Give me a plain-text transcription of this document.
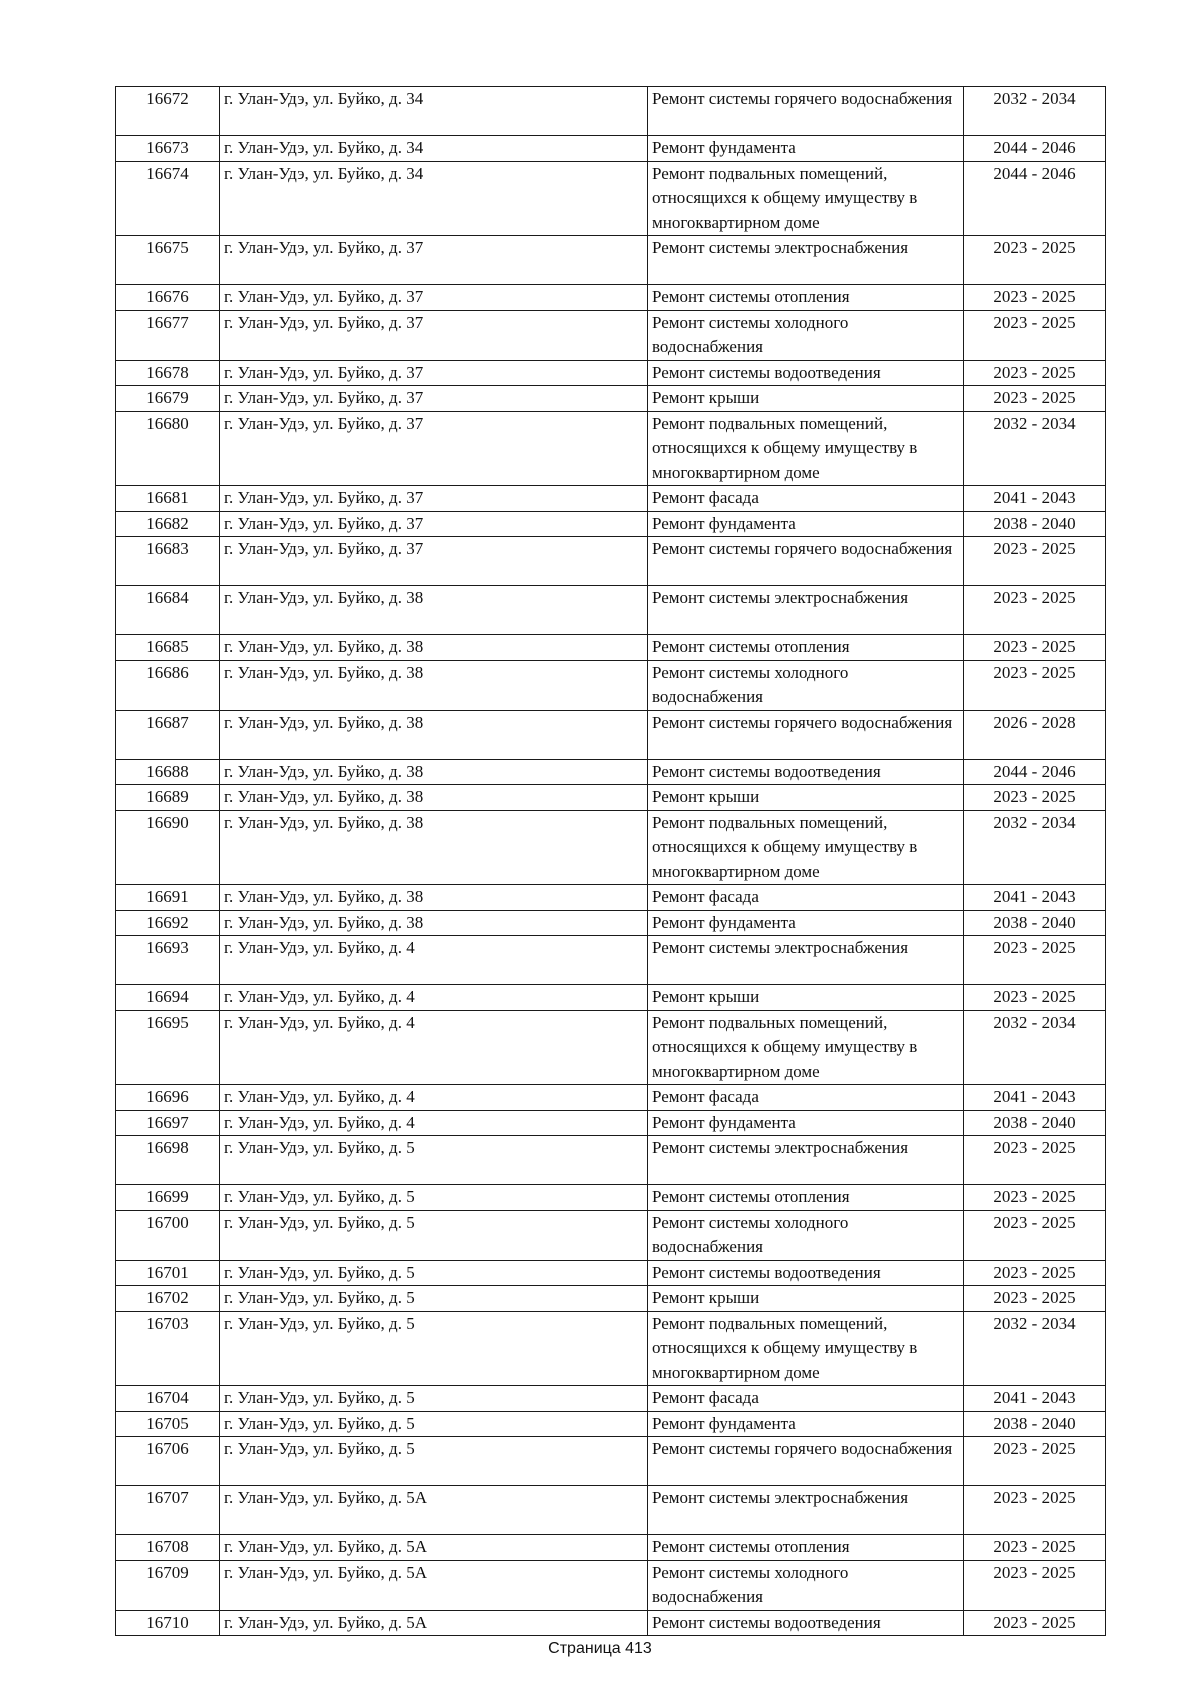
16672	г. Улан-Удэ, ул. Буйко, д. 34	Ремонт системы горячего водоснабжения	2032 - 2034
16673	г. Улан-Удэ, ул. Буйко, д. 34	Ремонт фундамента	2044 - 2046
16674	г. Улан-Удэ, ул. Буйко, д. 34	Ремонт подвальных помещений, относящихся к общему имуществу в многоквартирном доме	2044 - 2046
16675	г. Улан-Удэ, ул. Буйко, д. 37	Ремонт системы электроснабжения	2023 - 2025
16676	г. Улан-Удэ, ул. Буйко, д. 37	Ремонт системы отопления	2023 - 2025
16677	г. Улан-Удэ, ул. Буйко, д. 37	Ремонт системы холодного водоснабжения	2023 - 2025
16678	г. Улан-Удэ, ул. Буйко, д. 37	Ремонт системы водоотведения	2023 - 2025
16679	г. Улан-Удэ, ул. Буйко, д. 37	Ремонт крыши	2023 - 2025
16680	г. Улан-Удэ, ул. Буйко, д. 37	Ремонт подвальных помещений, относящихся к общему имуществу в многоквартирном доме	2032 - 2034
16681	г. Улан-Удэ, ул. Буйко, д. 37	Ремонт фасада	2041 - 2043
16682	г. Улан-Удэ, ул. Буйко, д. 37	Ремонт фундамента	2038 - 2040
16683	г. Улан-Удэ, ул. Буйко, д. 37	Ремонт системы горячего водоснабжения	2023 - 2025
16684	г. Улан-Удэ, ул. Буйко, д. 38	Ремонт системы электроснабжения	2023 - 2025
16685	г. Улан-Удэ, ул. Буйко, д. 38	Ремонт системы отопления	2023 - 2025
16686	г. Улан-Удэ, ул. Буйко, д. 38	Ремонт системы холодного водоснабжения	2023 - 2025
16687	г. Улан-Удэ, ул. Буйко, д. 38	Ремонт системы горячего водоснабжения	2026 - 2028
16688	г. Улан-Удэ, ул. Буйко, д. 38	Ремонт системы водоотведения	2044 - 2046
16689	г. Улан-Удэ, ул. Буйко, д. 38	Ремонт крыши	2023 - 2025
16690	г. Улан-Удэ, ул. Буйко, д. 38	Ремонт подвальных помещений, относящихся к общему имуществу в многоквартирном доме	2032 - 2034
16691	г. Улан-Удэ, ул. Буйко, д. 38	Ремонт фасада	2041 - 2043
16692	г. Улан-Удэ, ул. Буйко, д. 38	Ремонт фундамента	2038 - 2040
16693	г. Улан-Удэ, ул. Буйко, д. 4	Ремонт системы электроснабжения	2023 - 2025
16694	г. Улан-Удэ, ул. Буйко, д. 4	Ремонт крыши	2023 - 2025
16695	г. Улан-Удэ, ул. Буйко, д. 4	Ремонт подвальных помещений, относящихся к общему имуществу в многоквартирном доме	2032 - 2034
16696	г. Улан-Удэ, ул. Буйко, д. 4	Ремонт фасада	2041 - 2043
16697	г. Улан-Удэ, ул. Буйко, д. 4	Ремонт фундамента	2038 - 2040
16698	г. Улан-Удэ, ул. Буйко, д. 5	Ремонт системы электроснабжения	2023 - 2025
16699	г. Улан-Удэ, ул. Буйко, д. 5	Ремонт системы отопления	2023 - 2025
16700	г. Улан-Удэ, ул. Буйко, д. 5	Ремонт системы холодного водоснабжения	2023 - 2025
16701	г. Улан-Удэ, ул. Буйко, д. 5	Ремонт системы водоотведения	2023 - 2025
16702	г. Улан-Удэ, ул. Буйко, д. 5	Ремонт крыши	2023 - 2025
16703	г. Улан-Удэ, ул. Буйко, д. 5	Ремонт подвальных помещений, относящихся к общему имуществу в многоквартирном доме	2032 - 2034
16704	г. Улан-Удэ, ул. Буйко, д. 5	Ремонт фасада	2041 - 2043
16705	г. Улан-Удэ, ул. Буйко, д. 5	Ремонт фундамента	2038 - 2040
16706	г. Улан-Удэ, ул. Буйко, д. 5	Ремонт системы горячего водоснабжения	2023 - 2025
16707	г. Улан-Удэ, ул. Буйко, д. 5А	Ремонт системы электроснабжения	2023 - 2025
16708	г. Улан-Удэ, ул. Буйко, д. 5А	Ремонт системы отопления	2023 - 2025
16709	г. Улан-Удэ, ул. Буйко, д. 5А	Ремонт системы холодного водоснабжения	2023 - 2025
16710	г. Улан-Удэ, ул. Буйко, д. 5А	Ремонт системы водоотведения	2023 - 2025
Страница 413
